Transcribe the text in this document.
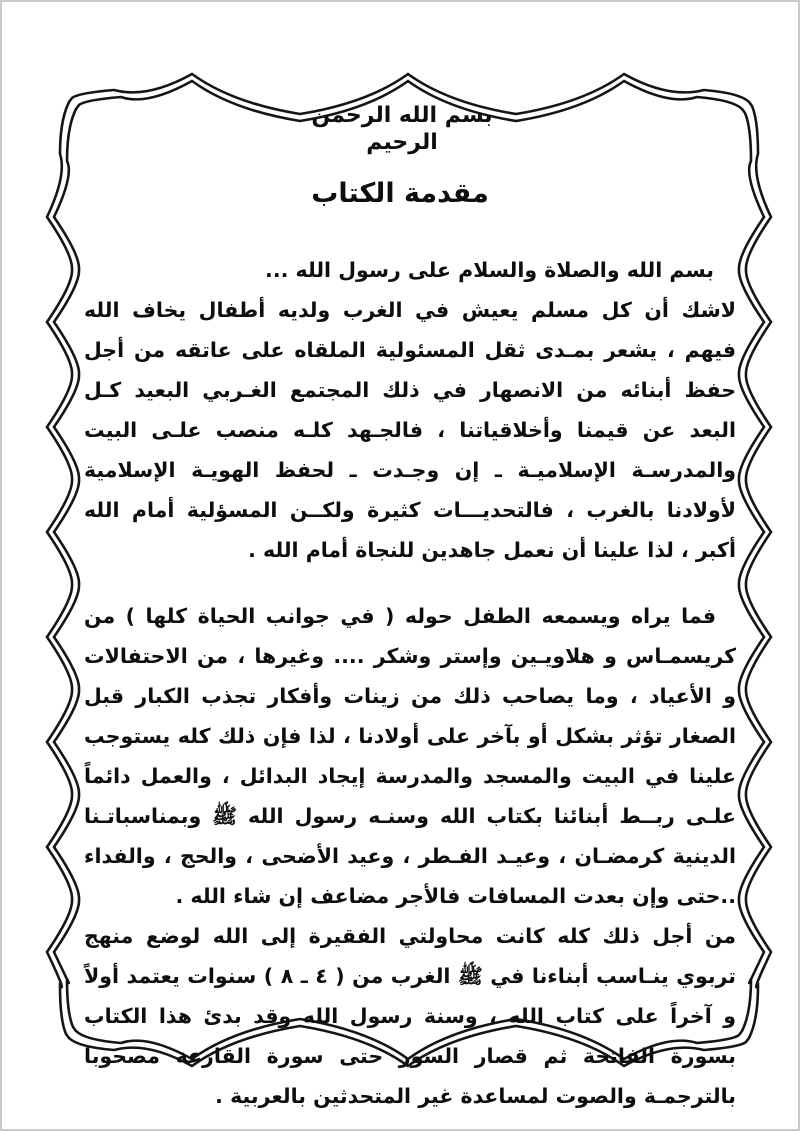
بسم الله الرحمن الرحيم
مقدمة الكتاب

بسم الله والصلاة والسلام على رسول الله ...

لاشك أن كل مسلم يعيش في الغرب ولديه أطفال يخاف الله فيهم ، يشعر بمـدى ثقل المسئولية الملقاه على عاتقه من أجل حفظ أبنائه من الانصهار في ذلك المجتمع الغـربي البعيد كـل البعد عن قيمنا وأخلاقياتنا ، فالجـهد كلـه منصب علـى البيت والمدرسـة الإسلاميـة ـ إن وجـدت ـ لحفظ الهويـة الإسلامية لأولادنا بالغرب ، فالتحديـــات كثيرة ولكــن المسؤلية أمام الله أكبر ، لذا علينا أن نعمل جاهدين للنجاة أمام الله .

فما يراه ويسمعه الطفل حوله ( في جوانب الحياة كلها ) من كريسمـاس و هلاويـين وإستر وشكر .... وغيرها ، من الاحتفالات و الأعياد ، وما يصاحب ذلك من زينات وأفكار تجذب الكبار قبل الصغار تؤثر بشكل أو بآخر على أولادنا ، لذا فإن ذلك كله يستوجب علينا في البيت والمسجد والمدرسة إيجاد البدائل ، والعمل دائماً علـى ربــط أبنائنا بكتاب الله وسنـه رسول الله ﷺ وبمناسباتـنا الدينية كرمضـان ، وعيـد الفـطر ، وعيد الأضحى ، والحج ، والفداء ..حتى وإن بعدت المسافات فالأجر مضاعف إن شاء الله .

من أجل ذلك كله كانت محاولتي الفقيرة إلى الله لوضع منهج تربوي ينـاسب أبناءنا في ﷺ الغرب من ( ٤ ـ ٨ ) سنوات يعتمد أولاً و آخراً على كتاب الله ، وسنة رسول الله وقد بدئ هذا الكتاب بسورة الفاتحة ثم قصار السور حتى سورة القارعة مصحوبا بالترجمـة والصوت لمساعدة غير المتحدثين بالعربية .
